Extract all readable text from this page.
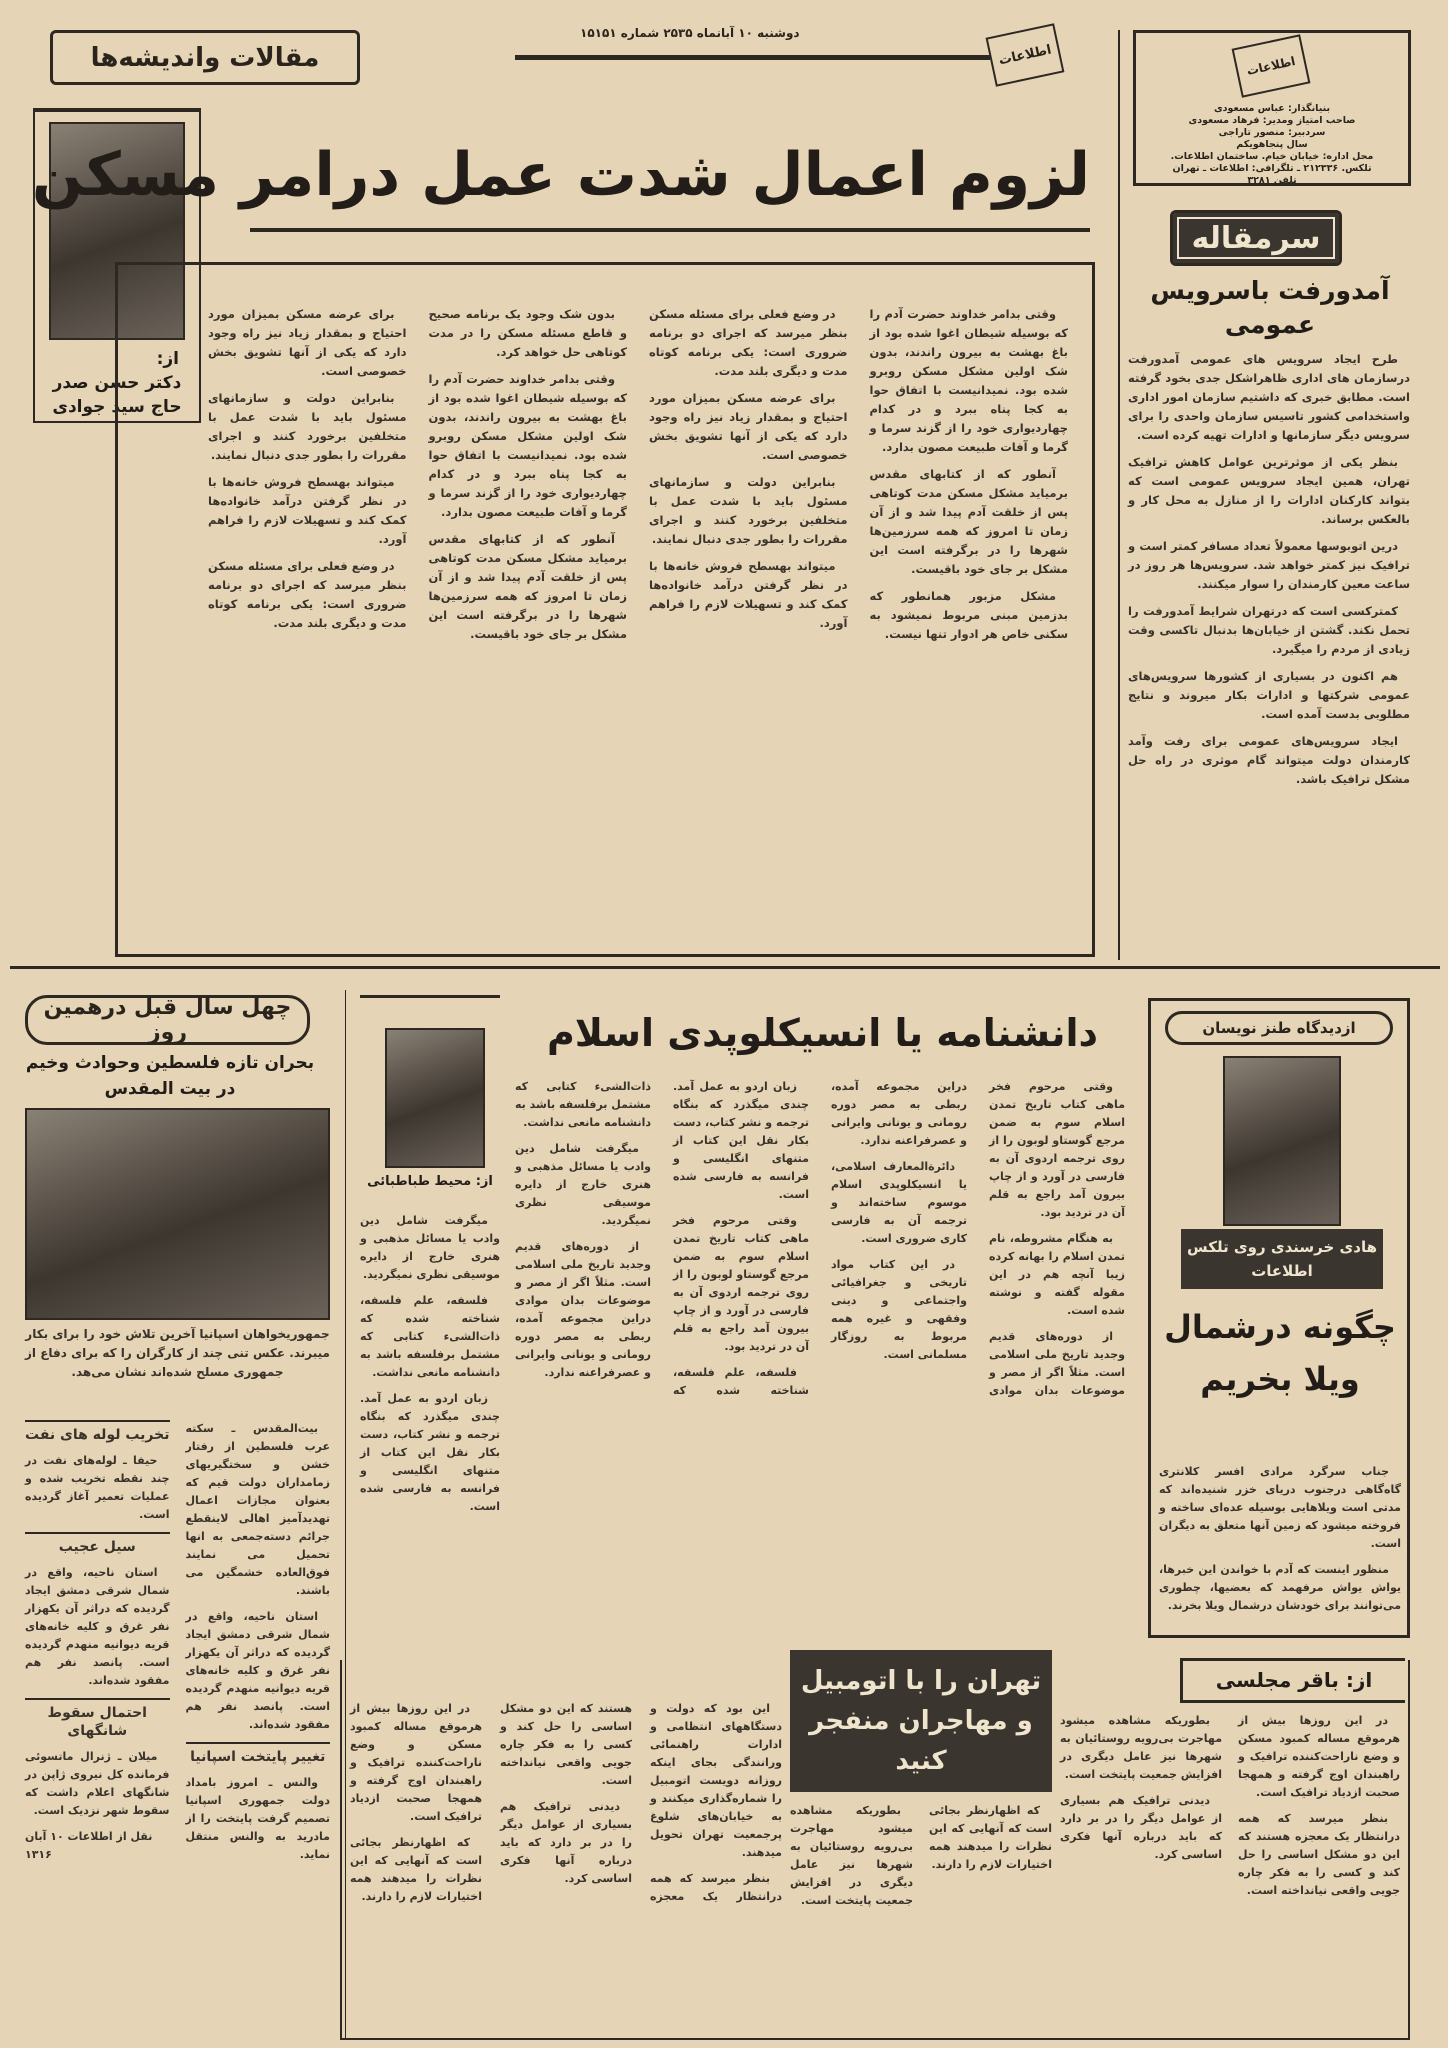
دوشنبه ۱۰ آبانماه ۲۵۳۵ شماره ۱۵۱۵۱
اطلاعات
مقالات واندیشه‌ها	اطلاعات
بنیانگذار: عباس مسعودی
صاحب امتیاز ومدیر: فرهاد مسعودی
سردبیر: منصور تاراجی
سال پنجاهویکم
محل اداره: خیابان خیام. ساختمان اطلاعات.
تلکس. ۲۱۲۳۳۶ ـ تلگرافی: اطلاعات ـ تهران
تلفن ۳۲۸۱
از:
دکتر حسن صدر
حاج سید جوادی
لزوم اعمال شدت عمل درامر مسکن

وقتی بدامر خداوند حضرت آدم را که بوسیله شیطان اغوا شده بود از باغ بهشت به بیرون راندند، بدون شک اولین مشکل مسکن روبرو شده بود. نمیدانیست با اتفاق حوا به کجا پناه ببرد و در کدام چهاردیواری خود را از گزند سرما و گرما و آفات طبیعت مصون بدارد.

آنطور که از کتابهای مقدس برمیاید مشکل مسکن مدت کوتاهی پس از خلقت آدم پیدا شد و از آن زمان تا امروز که همه سرزمین‌ها شهرها را در برگرفته است این مشکل بر جای خود باقیست.

مشکل مزبور همانطور که بدزمین مبنی مربوط نمیشود به سکنی خاص هر ادوار تنها نیست.

در وضع فعلی برای مسئله مسکن بنظر میرسد که اجرای دو برنامه ضروری است: یکی برنامه کوتاه مدت و دیگری بلند مدت.

برای عرضه مسکن بمیزان مورد احتیاج و بمقدار زیاد نیز راه وجود دارد که یکی از آنها تشویق بخش خصوصی است.

بنابراین دولت و سازمانهای مسئول باید با شدت عمل با متخلفین برخورد کنند و اجرای مقررات را بطور جدی دنبال نمایند.

میتواند بهسطح فروش خانه‌ها با در نظر گرفتن درآمد خانواده‌ها کمک کند و تسهیلات لازم را فراهم آورد.

بدون شک وجود یک برنامه صحیح و قاطع مسئله مسکن را در مدت کوتاهی حل خواهد کرد.

وقتی بدامر خداوند حضرت آدم را که بوسیله شیطان اغوا شده بود از باغ بهشت به بیرون راندند، بدون شک اولین مشکل مسکن روبرو شده بود. نمیدانیست با اتفاق حوا به کجا پناه ببرد و در کدام چهاردیواری خود را از گزند سرما و گرما و آفات طبیعت مصون بدارد.

آنطور که از کتابهای مقدس برمیاید مشکل مسکن مدت کوتاهی پس از خلقت آدم پیدا شد و از آن زمان تا امروز که همه سرزمین‌ها شهرها را در برگرفته است این مشکل بر جای خود باقیست.

برای عرضه مسکن بمیزان مورد احتیاج و بمقدار زیاد نیز راه وجود دارد که یکی از آنها تشویق بخش خصوصی است.

بنابراین دولت و سازمانهای مسئول باید با شدت عمل با متخلفین برخورد کنند و اجرای مقررات را بطور جدی دنبال نمایند.

میتواند بهسطح فروش خانه‌ها با در نظر گرفتن درآمد خانواده‌ها کمک کند و تسهیلات لازم را فراهم آورد.

در وضع فعلی برای مسئله مسکن بنظر میرسد که اجرای دو برنامه ضروری است: یکی برنامه کوتاه مدت و دیگری بلند مدت.

سرمقاله
آمدورفت باسرویس عمومی

طرح ایجاد سرویس های عمومی آمدورفت درسازمان های اداری ظاهراشکل جدی بخود گرفته است. مطابق خبری که داشتیم سازمان امور اداری واستخدامی کشور تاسیس سازمان واحدی را برای سرویس دیگر سازمانها و ادارات تهیه کرده است.

بنظر یکی از موثرترین عوامل کاهش ترافیک تهران، همین ایجاد سرویس عمومی است که بتواند کارکنان ادارات را از منازل به محل کار و بالعکس برساند.

درین اتوبوسها معمولاً تعداد مسافر کمتر است و ترافیک نیز کمتر خواهد شد. سرویس‌ها هر روز در ساعت معین کارمندان را سوار میکنند.

کمترکسی است که درتهران شرایط آمدورفت را تحمل نکند. گشتن از خیابان‌ها بدنبال تاکسی وقت زیادی از مردم را میگیرد.

هم اکنون در بسیاری از کشورها سرویس‌های عمومی شرکتها و ادارات بکار میروند و نتایج مطلوبی بدست آمده است.

ایجاد سرویس‌های عمومی برای رفت وآمد کارمندان دولت میتواند گام موثری در راه حل مشکل ترافیک باشد.

چهل سال قبل درهمین روز
بحران تازه فلسطین وحوادث وخیم در بیت المقدس
جمهوریخواهان اسپانیا آخرین تلاش خود را برای بکار میبرند. عکس تنی چند از کارگران را که برای دفاع از جمهوری مسلح شده‌اند نشان می‌هد.

بیت‌المقدس ـ سکته عرب فلسطین از رفتار خشن و سختگیریهای زمامداران دولت قیم که بعنوان مجازات اعمال تهدیدآمیز اهالی لاینقطع جرائم دسته‌جمعی به انها تحمیل می نمایند فوق‌العاده خشمگین می باشند.

استان ناحیه، واقع در شمال شرقی دمشق ایجاد گردیده که دراثر آن یکهزار نفر غرق و کلیه خانه‌های قریه دیوانیه منهدم گردیده است. پانصد نفر هم مفقود شده‌اند.

تغییر پایتخت اسپانیا

والنس ـ امروز بامداد دولت جمهوری اسپانیا تصمیم گرفت پایتخت را از مادرید به والنس منتقل نماید.

تخریب لوله های نفت

حیفا ـ لوله‌های نفت در چند نقطه تخریب شده و عملیات تعمیر آغاز گردیده است.

سیل عجیب

استان ناحیه، واقع در شمال شرقی دمشق ایجاد گردیده که دراثر آن یکهزار نفر غرق و کلیه خانه‌های قریه دیوانیه منهدم گردیده است. پانصد نفر هم مفقود شده‌اند.

احتمال سقوط شانگهای

میلان ـ ژنرال ماتسوئی فرمانده کل نیروی ژاپن در شانگهای اعلام داشت که سقوط شهر نزدیک است.

نقل از اطلاعات ۱۰ آبان ۱۳۱۶

از: محیط طباطبائی
دانشنامه یا انسیکلوپدی اسلام

وقتی مرحوم فخر ماهی کتاب تاریخ تمدن اسلام سوم به ضمن مرجع گوستاو لوبون را از روی ترجمه اردوی آن به فارسی در آورد و از چاپ بیرون آمد راجع به قلم آن در تردید بود.

به هنگام مشروطه، نام تمدن اسلام را بهانه کرده زیبا آنچه هم در این مقوله گفته و نوشته شده است.

از دوره‌های قدیم وجدید تاریخ ملی اسلامی است. مثلاً اگر از مصر و موضوعات بدان موادی دراین مجموعه آمده، ربطی به مصر دوره رومانی و یونانی وایرانی و عصرفراعنه ندارد.

دائرةالمعارف اسلامی، یا انسیکلوپدی اسلام موسوم ساخته‌اند و ترجمه آن به فارسی کاری ضروری است.

در این کتاب مواد تاریخی و جغرافیائی واجتماعی و دینی وفقهی و غیره همه مربوط به روزگار مسلمانی است.

زبان اردو به عمل آمد. چندی میگذرد که بنگاه ترجمه و نشر کتاب، دست بکار نقل این کتاب از متنهای انگلیسی و فرانسه به فارسی شده است.

وقتی مرحوم فخر ماهی کتاب تاریخ تمدن اسلام سوم به ضمن مرجع گوستاو لوبون را از روی ترجمه اردوی آن به فارسی در آورد و از چاپ بیرون آمد راجع به قلم آن در تردید بود.

فلسفه، علم فلسفه، شناخته شده که ذات‌الشیء کتابی که مشتمل برفلسفه باشد به دانشنامه مانعی نداشت.

میگرفت شامل دین وادب یا مسائل مذهبی و هنری خارج از دایره موسیقی نظری نمیگردید.

از دوره‌های قدیم وجدید تاریخ ملی اسلامی است. مثلاً اگر از مصر و موضوعات بدان موادی دراین مجموعه آمده، ربطی به مصر دوره رومانی و یونانی وایرانی و عصرفراعنه ندارد.

میگرفت شامل دین وادب یا مسائل مذهبی و هنری خارج از دایره موسیقی نظری نمیگردید.

فلسفه، علم فلسفه، شناخته شده که ذات‌الشیء کتابی که مشتمل برفلسفه باشد به دانشنامه مانعی نداشت.

زبان اردو به عمل آمد. چندی میگذرد که بنگاه ترجمه و نشر کتاب، دست بکار نقل این کتاب از متنهای انگلیسی و فرانسه به فارسی شده است.

ازدیدگاه طنز نویسان
هادی خرسندی روی تلکس اطلاعات
چگونه درشمال ویلا بخریم

جناب سرگرد مرادی افسر کلانتری گاه‌گاهی درجنوب دریای خزر شنیده‌اند که مدتی است ویلاهایی بوسیله عده‌ای ساخته و فروخته میشود که زمین آنها متعلق به دیگران است.

منظور اینست که آدم با خواندن این خبرها، یواش یواش مرفهمد که بعضیها، چطوری می‌توانند برای خودشان درشمال ویلا بخرند.

تهران را با اتومبیل و مهاجران منفجر کنید
از: باقر مجلسی

در این روزها بیش از هرموقع مساله کمبود مسکن و وضع ناراحت‌کننده ترافیک و راهبندان اوج گرفته و همهجا صحبت ازدیاد ترافیک است.

بنظر میرسد که همه درانتظار یک معجزه هستند که این دو مشکل اساسی را حل کند و کسی را به فکر چاره جویی واقعی نیانداخته است.

بطوریکه مشاهده میشود مهاجرت بی‌رویه روستائیان به شهرها نیز عامل دیگری در افزایش جمعیت پایتخت است.

دیدنی ترافیک هم بسیاری از عوامل دیگر را در بر دارد که باید درباره آنها فکری اساسی کرد.

که اظهارنظر بجائی است که آنهایی که این نظرات را میدهند همه اختیارات لازم را دارند.

بطوریکه مشاهده میشود مهاجرت بی‌رویه روستائیان به شهرها نیز عامل دیگری در افزایش جمعیت پایتخت است.

این بود که دولت و دستگاههای انتظامی و ادارات راهنمائی ورانندگی بجای اینکه روزانه دویست اتومبیل را شماره‌گذاری میکنند و به خیابان‌های شلوغ پرجمعیت تهران تحویل میدهند.

بنظر میرسد که همه درانتظار یک معجزه هستند که این دو مشکل اساسی را حل کند و کسی را به فکر چاره جویی واقعی نیانداخته است.

دیدنی ترافیک هم بسیاری از عوامل دیگر را در بر دارد که باید درباره آنها فکری اساسی کرد.

در این روزها بیش از هرموقع مساله کمبود مسکن و وضع ناراحت‌کننده ترافیک و راهبندان اوج گرفته و همهجا صحبت ازدیاد ترافیک است.

که اظهارنظر بجائی است که آنهایی که این نظرات را میدهند همه اختیارات لازم را دارند.
